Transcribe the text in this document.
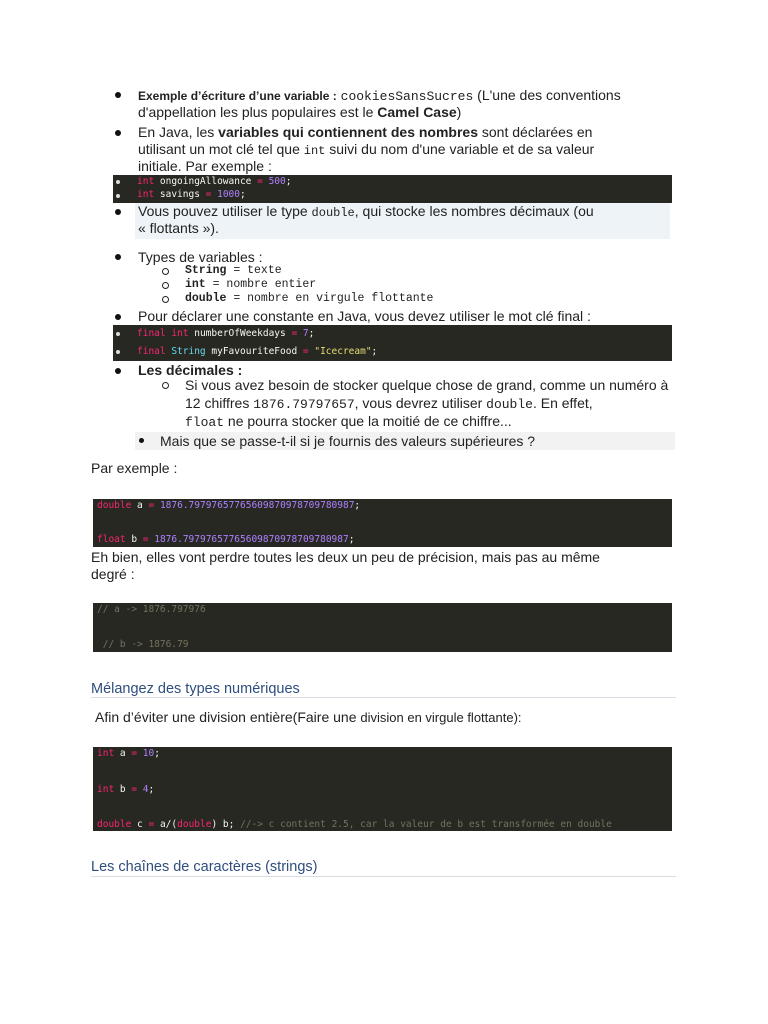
Exemple d’écriture d’une variable : cookiesSansSucres (L'une des conventions
d'appellation les plus populaires est le Camel Case)
En Java, les variables qui contiennent des nombres sont déclarées en
utilisant un mot clé tel que int suivi du nom d'une variable et de sa valeur
initiale. Par exemple :

int ongoingAllowance = 500;

int savings = 1000;

Vous pouvez utiliser le type double, qui stocke les nombres décimaux (ou
« flottants »).
Types de variables :
String = texte
int = nombre entier
double = nombre en virgule flottante
Pour déclarer une constante en Java, vous devez utiliser le mot clé final :

final int numberOfWeekdays = 7;

final String myFavouriteFood = "Icecream";

Les décimales :
Si vous avez besoin de stocker quelque chose de grand, comme un numéro à
12 chiffres 1876.79797657, vous devrez utiliser double. En effet,
float ne pourra stocker que la moitié de ce chiffre...
Mais que se passe-t-il si je fournis des valeurs supérieures ?
Par exemple :

double a = 1876.79797657765609870978709780987;

float b = 1876.79797657765609870978709780987;

Eh bien, elles vont perdre toutes les deux un peu de précision, mais pas au même
degré :

// a -> 1876.797976

// b -> 1876.79

Mélangez des types numériques
Afin d’éviter une division entière(Faire une division en virgule flottante):

int a = 10;

int b = 4;

double c = a/(double) b; //-> c contient 2.5, car la valeur de b est transformée en double

Les chaînes de caractères (strings)
